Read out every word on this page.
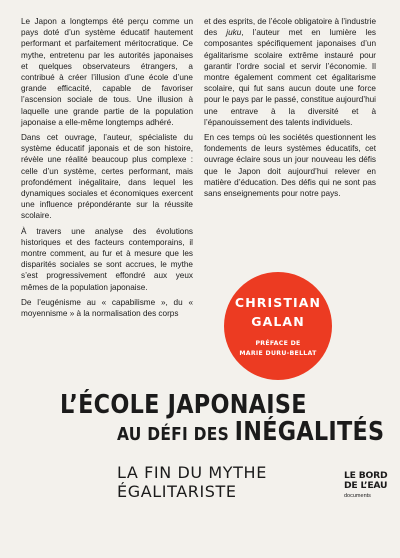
Le Japon a longtemps été perçu comme un pays doté d’un système éducatif hautement performant et parfaitement méritocratique. Ce mythe, entretenu par les autorités japonaises et quelques observateurs étrangers, a contribué à créer l’illusion d’une école d’une grande efficacité, capable de favoriser l’ascension sociale de tous. Une illusion à laquelle une grande partie de la population japonaise a elle-même longtemps adhéré.

Dans cet ouvrage, l’auteur, spécialiste du système éducatif japonais et de son histoire, révèle une réalité beaucoup plus complexe : celle d’un système, certes performant, mais profondément inégalitaire, dans lequel les dynamiques sociales et économiques exercent une influence prépondérante sur la réussite scolaire.

À travers une analyse des évolutions historiques et des facteurs contemporains, il montre comment, au fur et à mesure que les disparités sociales se sont accrues, le mythe s’est progressivement effondré aux yeux mêmes de la population japonaise.

De l’eugénisme au « capabilisme », du « moyennisme » à la normalisation des corps

et des esprits, de l’école obligatoire à l’industrie des juku, l’auteur met en lumière les composantes spécifiquement japonaises d’un égalitarisme scolaire extrême instauré pour garantir l’ordre social et servir l’économie. Il montre également comment cet égalitarisme scolaire, qui fut sans aucun doute une force pour le pays par le passé, constitue aujourd’hui une entrave à la diversité et à l’épanouissement des talents individuels.

En ces temps où les sociétés questionnent les fondements de leurs systèmes éducatifs, cet ouvrage éclaire sous un jour nouveau les défis que le Japon doit aujourd’hui relever en matière d’éducation. Des défis qui ne sont pas sans enseignements pour notre pays.

CHRISTIAN
GALAN
PRÉFACE DE
MARIE DURU-BELLAT
L’ÉCOLE JAPONAISE
AU DÉFI DES INÉGALITÉS
LA FIN DU MYTHE
ÉGALITARISTE
LE BORD
DE L’EAU
documents
